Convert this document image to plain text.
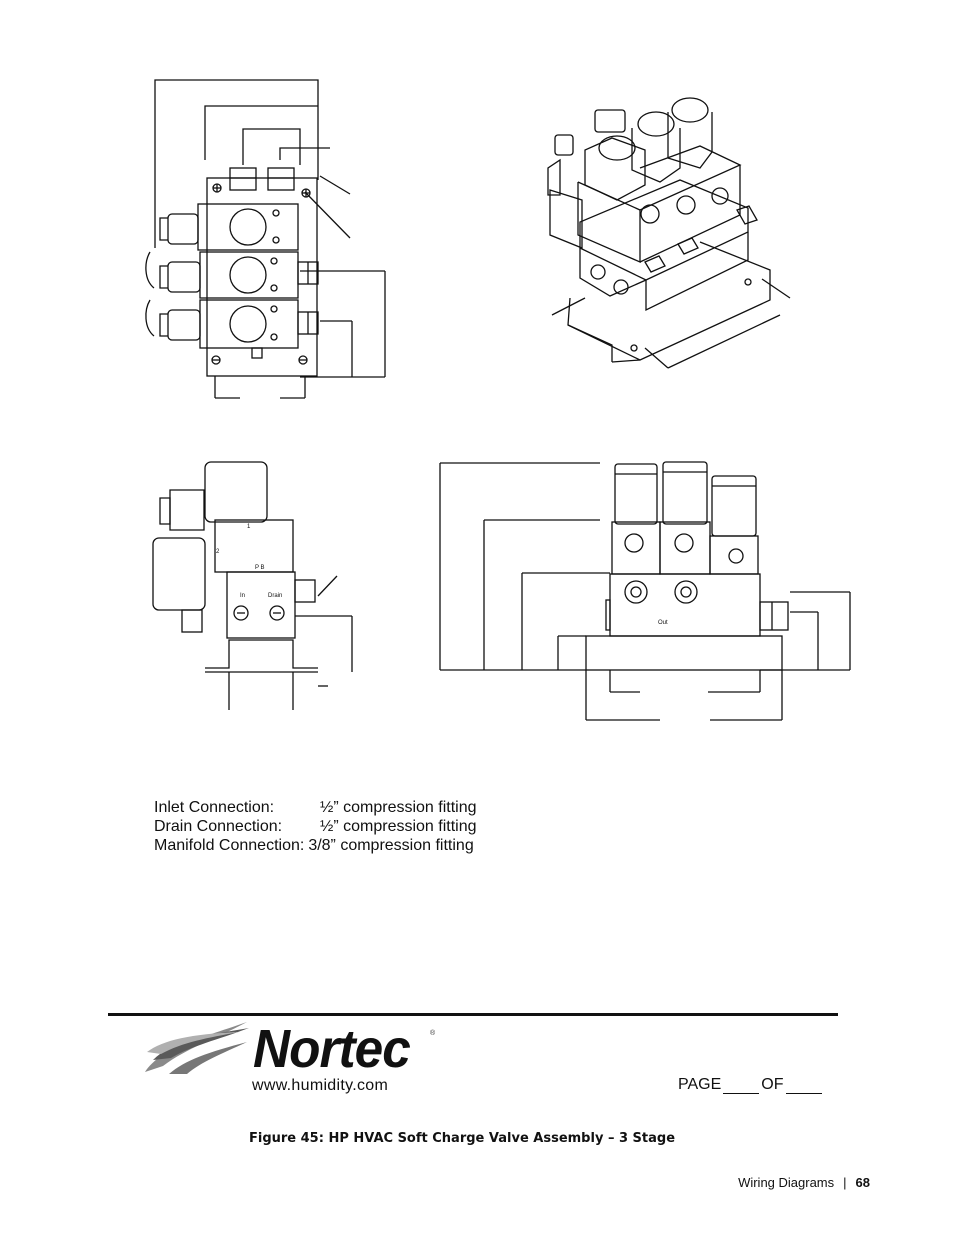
1
2
P B
In	Drain
Out
Inlet Connection:	½” compression fitting
Drain Connection:	½” compression fitting
Manifold Connection: 3/8” compression fitting
Nortec	®
www.humidity.com	PAGE	OF
Figure 45: HP HVAC Soft Charge Valve Assembly – 3 Stage
Wiring Diagrams | 68
